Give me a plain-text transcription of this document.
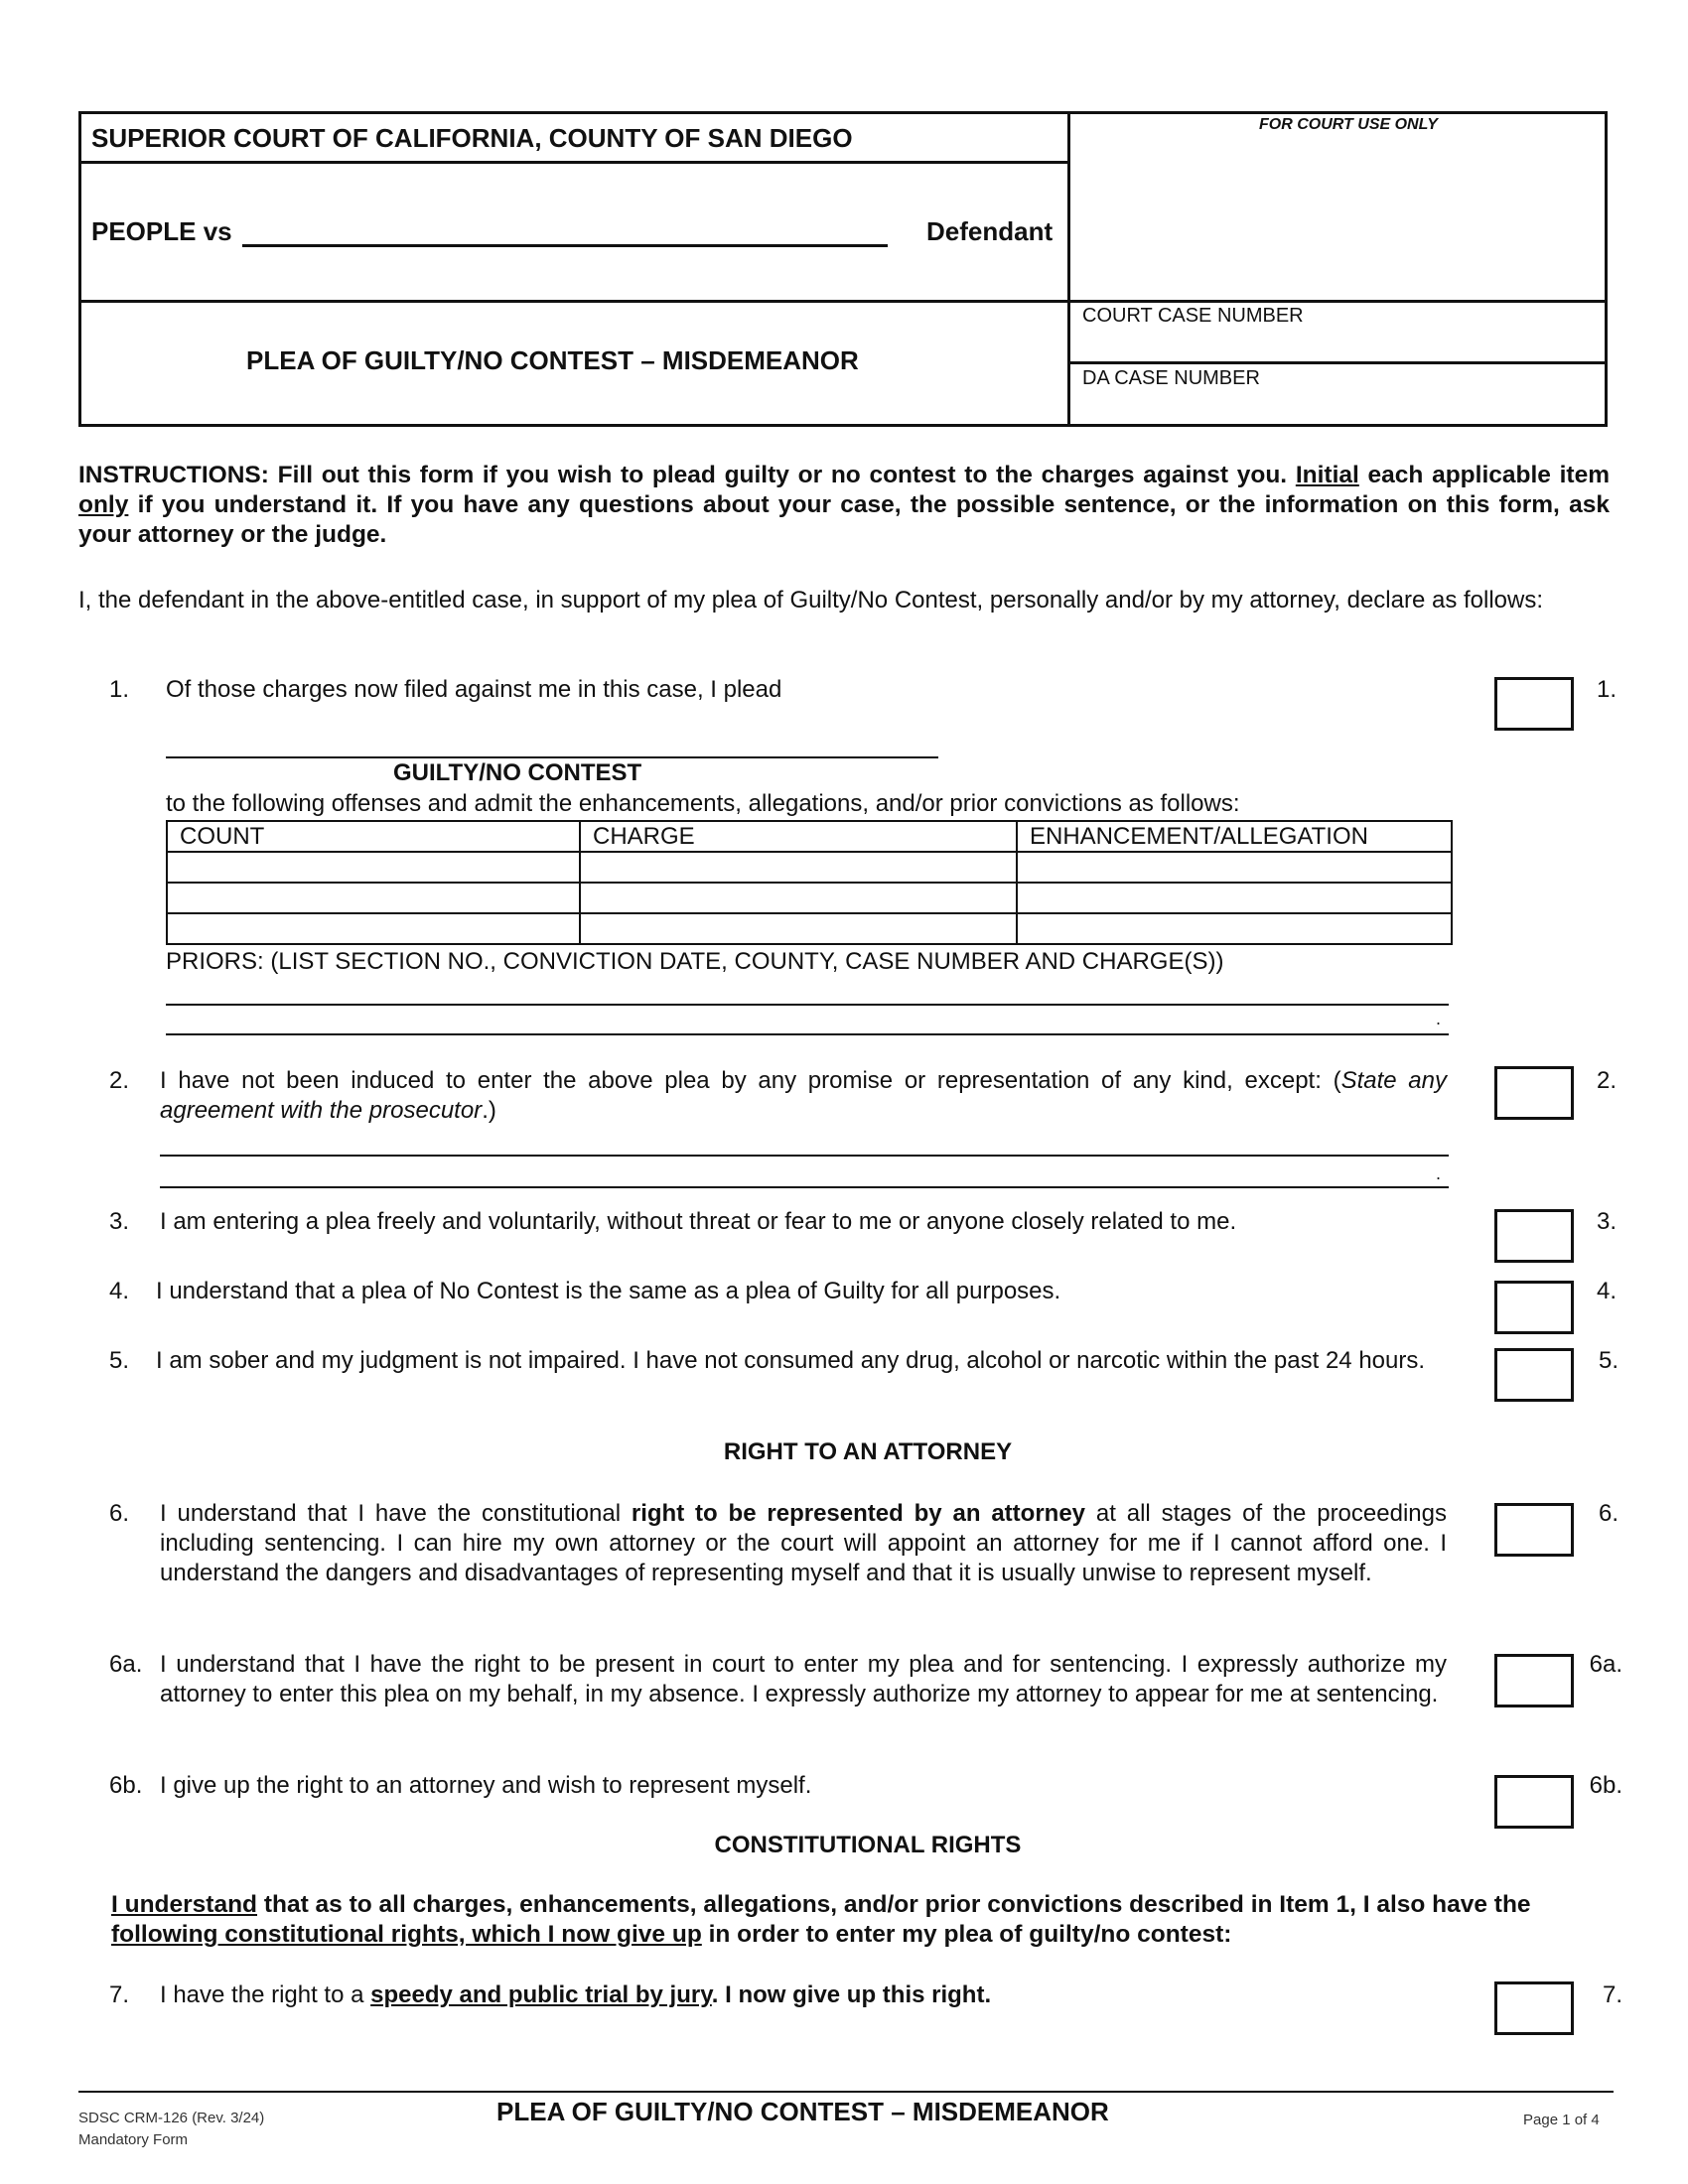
SUPERIOR COURT OF CALIFORNIA, COUNTY OF SAN DIEGO
PEOPLE vs	Defendant
PLEA OF GUILTY/NO CONTEST – MISDEMEANOR
FOR COURT USE ONLY
COURT CASE NUMBER
DA CASE NUMBER
INSTRUCTIONS: Fill out this form if you wish to plead guilty or no contest to the charges against you. Initial each applicable item only if you understand it. If you have any questions about your case, the possible sentence, or the information on this form, ask your attorney or the judge.
I, the defendant in the above-entitled case, in support of my plea of Guilty/No Contest, personally and/or by my attorney, declare as follows:
1. Of those charges now filed against me in this case, I plead	1.
GUILTY/NO CONTEST
to the following offenses and admit the enhancements, allegations, and/or prior convictions as follows:
COUNT	CHARGE	ENHANCEMENT/ALLEGATION

PRIORS: (LIST SECTION NO., CONVICTION DATE, COUNTY, CASE NUMBER AND CHARGE(S))
.
2. I have not been induced to enter the above plea by any promise or representation of any kind, except: (State any agreement with the prosecutor.)
2.
.
3. I am entering a plea freely and voluntarily, without threat or fear to me or anyone closely related to me.	3.
4. I understand that a plea of No Contest is the same as a plea of Guilty for all purposes.	4.
5. I am sober and my judgment is not impaired. I have not consumed any drug, alcohol or narcotic within the past 24 hours.	5.
RIGHT TO AN ATTORNEY
6. I understand that I have the constitutional right to be represented by an attorney at all stages of the proceedings including sentencing. I can hire my own attorney or the court will appoint an attorney for me if I cannot afford one. I understand the dangers and disadvantages of representing myself and that it is usually unwise to represent myself.
6.
6a. I understand that I have the right to be present in court to enter my plea and for sentencing. I expressly authorize my attorney to enter this plea on my behalf, in my absence. I expressly authorize my attorney to appear for me at sentencing.
6a.
6b. I give up the right to an attorney and wish to represent myself.	6b.
CONSTITUTIONAL RIGHTS
I understand that as to all charges, enhancements, allegations, and/or prior convictions described in Item 1, I also have the following constitutional rights, which I now give up in order to enter my plea of guilty/no contest:
7. I have the right to a speedy and public trial by jury. I now give up this right.	7.
SDSC CRM-126 (Rev. 3/24)
Mandatory Form
PLEA OF GUILTY/NO CONTEST – MISDEMEANOR	Page 1 of 4
